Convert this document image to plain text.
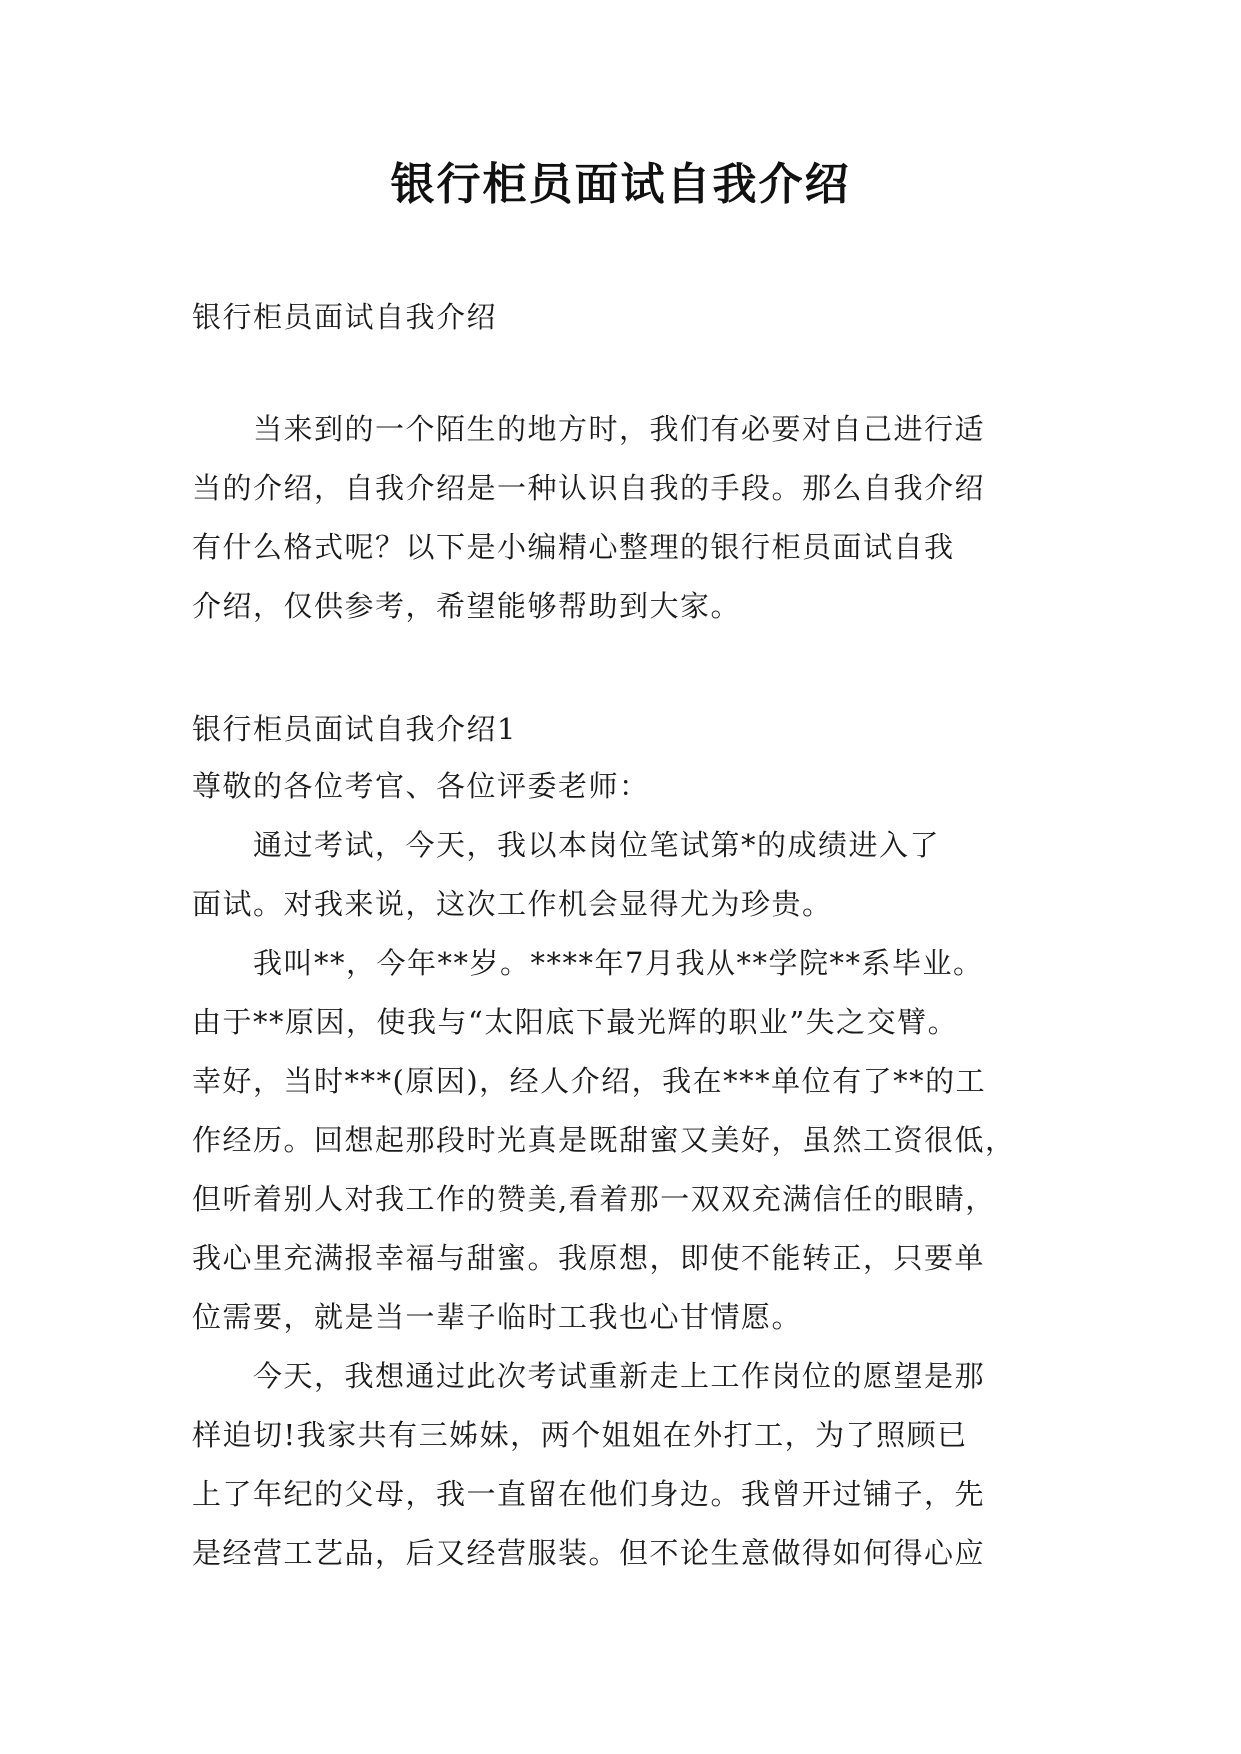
银行柜员面试自我介绍
银行柜员面试自我介绍
　　当来到的一个陌生的地方时，我们有必要对自己进行适
当的介绍，自我介绍是一种认识自我的手段。那么自我介绍
有什么格式呢？以下是小编精心整理的银行柜员面试自我
介绍，仅供参考，希望能够帮助到大家。
银行柜员面试自我介绍1
尊敬的各位考官、各位评委老师：
　　通过考试，今天，我以本岗位笔试第*的成绩进入了
面试。对我来说，这次工作机会显得尤为珍贵。
　　我叫**，今年**岁。****年7月我从**学院**系毕业。
由于**原因，使我与“太阳底下最光辉的职业”失之交臂。
幸好，当时***(原因)，经人介绍，我在***单位有了**的工
作经历。回想起那段时光真是既甜蜜又美好，虽然工资很低，
但听着别人对我工作的赞美,看着那一双双充满信任的眼睛，
我心里充满报幸福与甜蜜。我原想，即使不能转正，只要单
位需要，就是当一辈子临时工我也心甘情愿。
　　今天，我想通过此次考试重新走上工作岗位的愿望是那
样迫切!我家共有三姊妹，两个姐姐在外打工，为了照顾已
上了年纪的父母，我一直留在他们身边。我曾开过铺子，先
是经营工艺品，后又经营服装。但不论生意做得如何得心应
